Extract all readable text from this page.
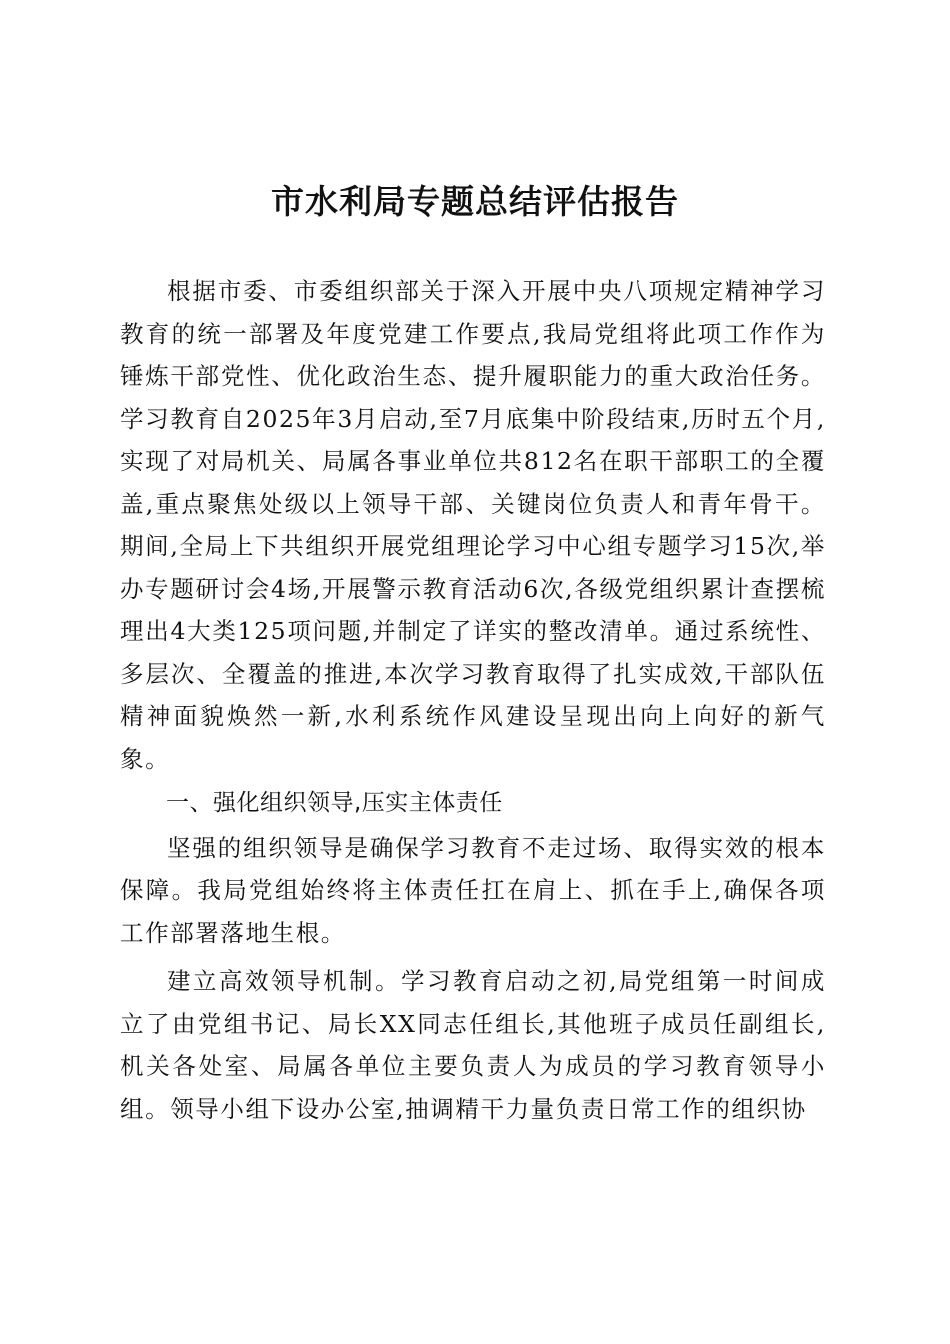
市水利局专题总结评估报告

根据市委、市委组织部关于深入开展中央八项规定精神学习教育的统一部署及年度党建工作要点,我局党组将此项工作作为锤炼干部党性、优化政治生态、提升履职能力的重大政治任务。学习教育自2025年3月启动,至7月底集中阶段结束,历时五个月,实现了对局机关、局属各事业单位共812名在职干部职工的全覆盖,重点聚焦处级以上领导干部、关键岗位负责人和青年骨干。期间,全局上下共组织开展党组理论学习中心组专题学习15次,举办专题研讨会4场,开展警示教育活动6次,各级党组织累计查摆梳理出4大类125项问题,并制定了详实的整改清单。通过系统性、多层次、全覆盖的推进,本次学习教育取得了扎实成效,干部队伍精神面貌焕然一新,水利系统作风建设呈现出向上向好的新气象。

一、强化组织领导,压实主体责任

坚强的组织领导是确保学习教育不走过场、取得实效的根本保障。我局党组始终将主体责任扛在肩上、抓在手上,确保各项工作部署落地生根。

建立高效领导机制。学习教育启动之初,局党组第一时间成立了由党组书记、局长XX同志任组长,其他班子成员任副组长,机关各处室、局属各单位主要负责人为成员的学习教育领导小组。领导小组下设办公室,抽调精干力量负责日常工作的组织协
